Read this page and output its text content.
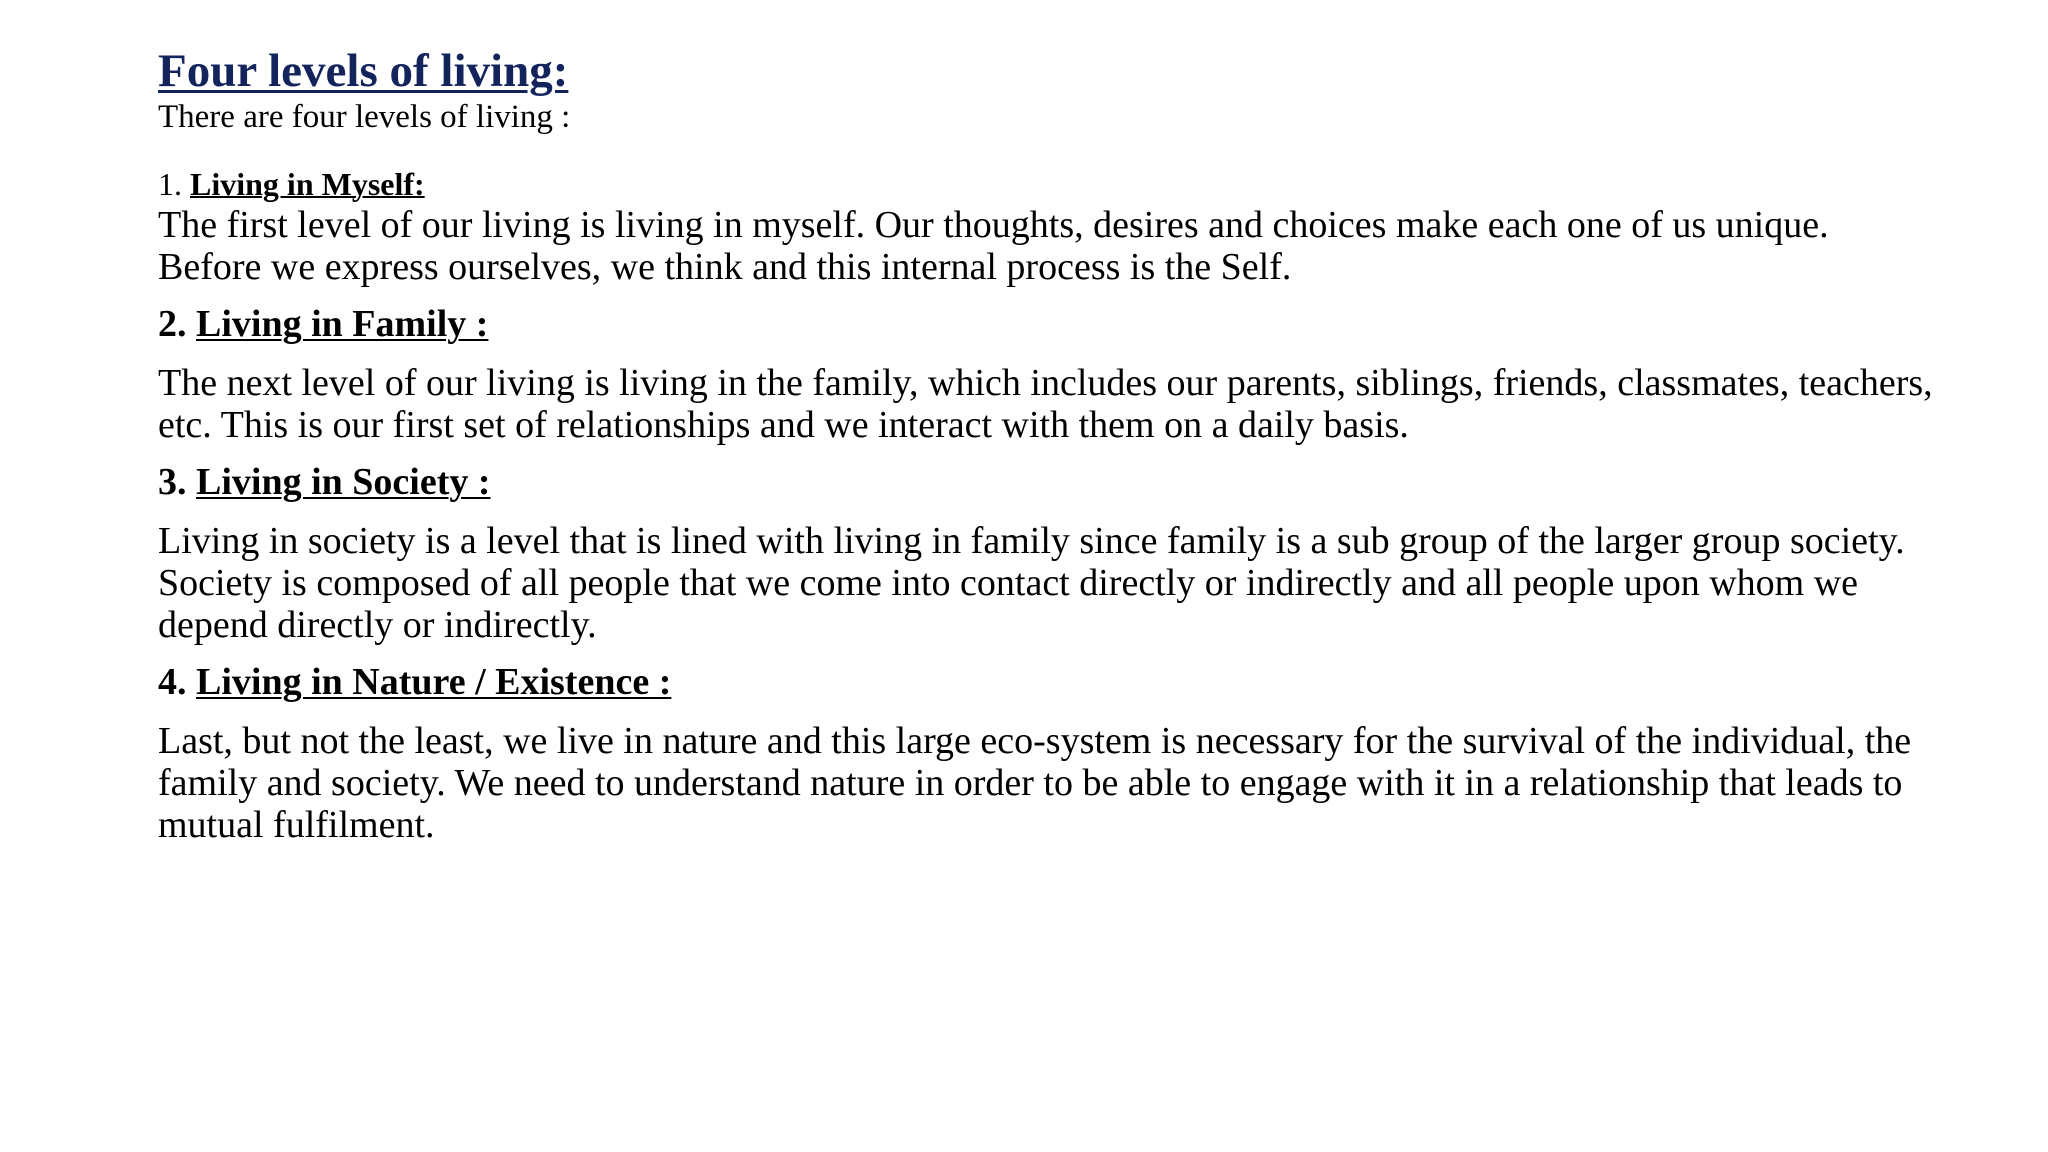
Four levels of living:

There are four levels of living :

1. Living in Myself:

The first level of our living is living in myself. Our thoughts, desires and choices make each one of us unique. Before we express ourselves, we think and this internal process is the Self.

2. Living in Family :

The next level of our living is living in the family, which includes our parents, siblings, friends, classmates, teachers, etc. This is our first set of relationships and we interact with them on a daily basis.

3. Living in Society :

Living in society is a level that is lined with living in family since family is a sub group of the larger group society. Society is composed of all people that we come into contact directly or indirectly and all people upon whom we depend directly or indirectly.

4. Living in Nature / Existence :

Last, but not the least, we live in nature and this large eco-system is necessary for the survival of the individual, the family and society. We need to understand nature in order to be able to engage with it in a relationship that leads to mutual fulfilment.
